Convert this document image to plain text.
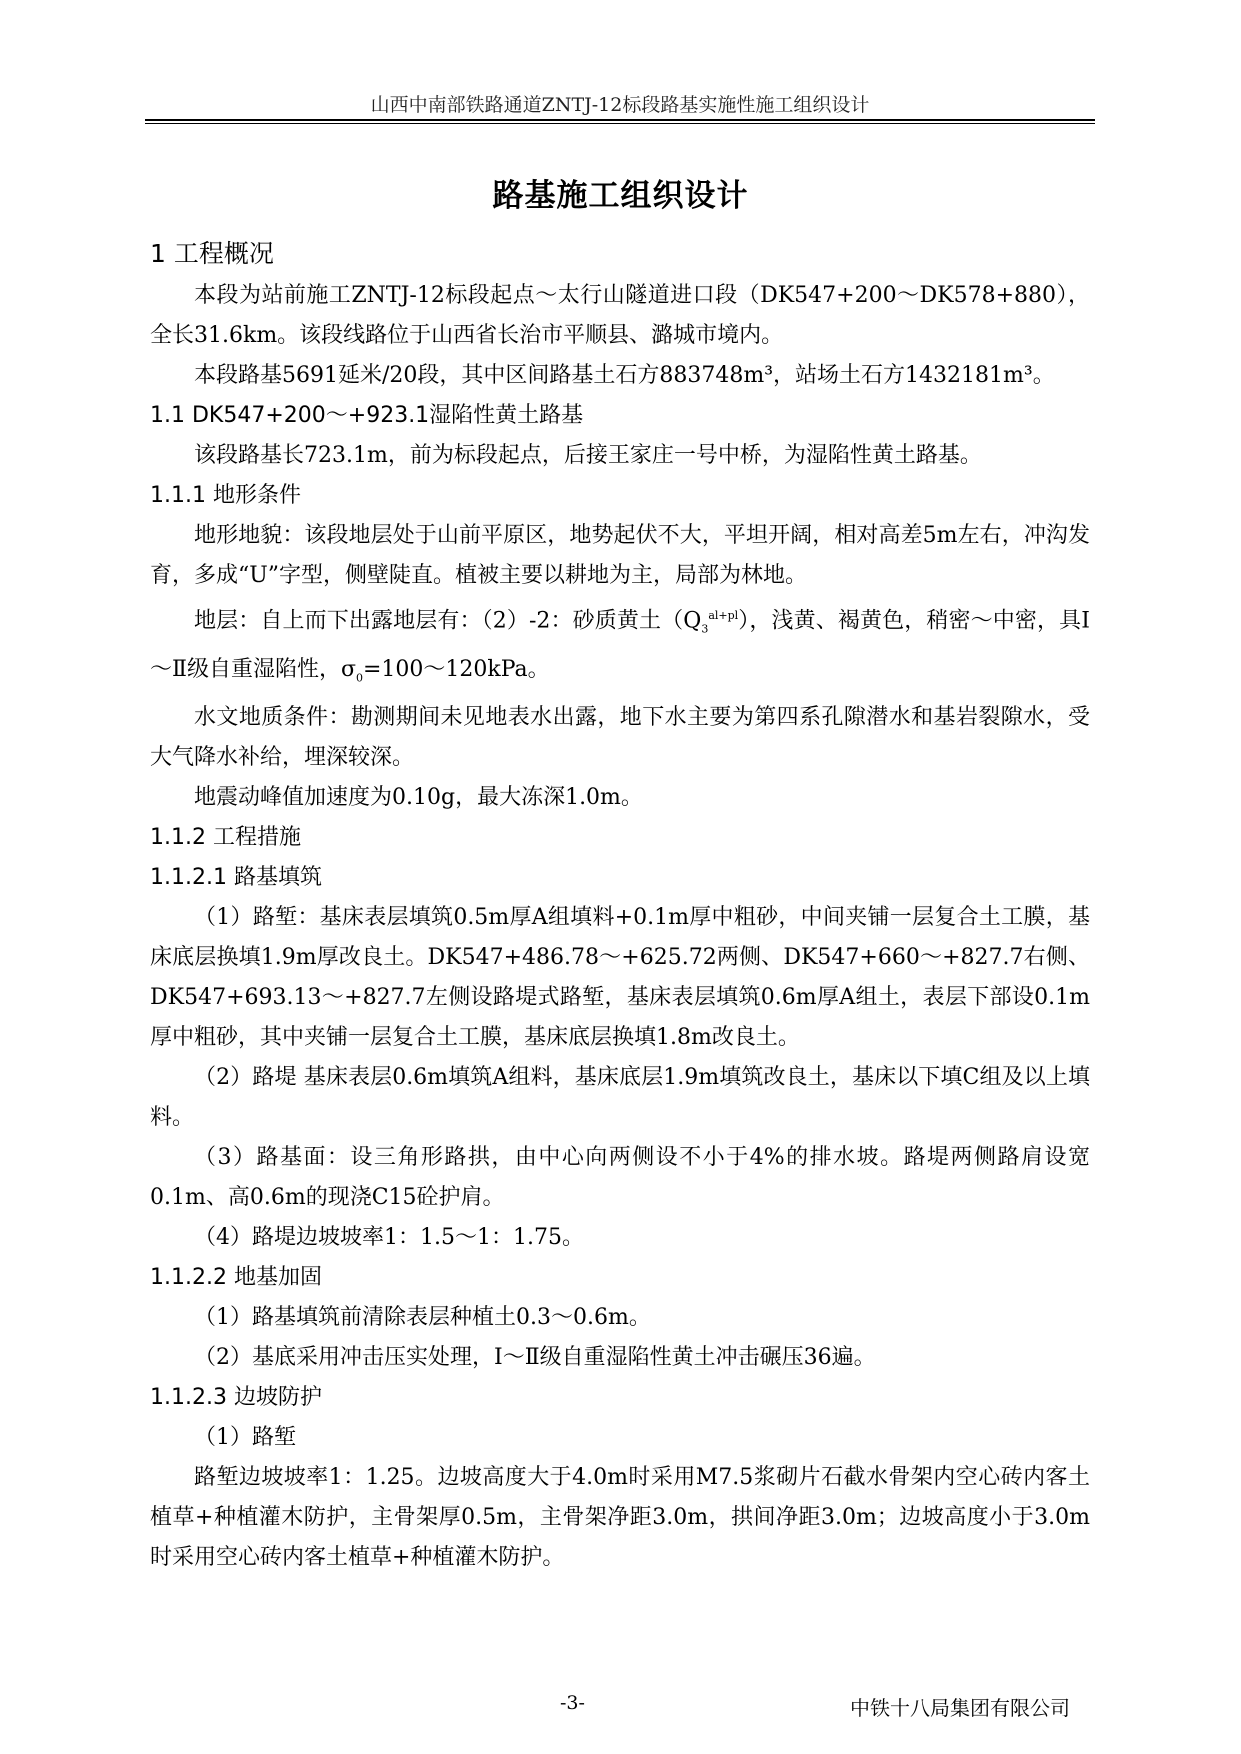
山西中南部铁路通道ZNTJ-12标段路基实施性施工组织设计
路基施工组织设计

1 工程概况

本段为站前施工ZNTJ-12标段起点～太行山隧道进口段（DK547+200～DK578+880），全长31.6km。该段线路位于山西省长治市平顺县、潞城市境内。

本段路基5691延米/20段，其中区间路基土石方883748m³，站场土石方1432181m³。

1.1 DK547+200～+923.1湿陷性黄土路基

该段路基长723.1m，前为标段起点，后接王家庄一号中桥，为湿陷性黄土路基。

1.1.1 地形条件

地形地貌：该段地层处于山前平原区，地势起伏不大，平坦开阔，相对高差5m左右，冲沟发育，多成“U”字型，侧壁陡直。植被主要以耕地为主，局部为林地。

地层：自上而下出露地层有：（2）-2：砂质黄土$(Q_3^{al+pl})$，浅黄、褐黄色，稍密～中密，具Ⅰ～Ⅱ级自重湿陷性，$\sigma_0=100\sim 120kPa$。

水文地质条件：勘测期间未见地表水出露，地下水主要为第四系孔隙潜水和基岩裂隙水，受大气降水补给，埋深较深。

地震动峰值加速度为0.10g，最大冻深1.0m。

1.1.2 工程措施

1.1.2.1 路基填筑

（1）路堑：基床表层填筑0.5m厚A组填料+0.1m厚中粗砂，中间夹铺一层复合土工膜，基床底层换填1.9m厚改良土。DK547+486.78～+625.72两侧、DK547+660～+827.7右侧、DK547+693.13～+827.7左侧设路堤式路堑，基床表层填筑0.6m厚A组土，表层下部设0.1m厚中粗砂，其中夹铺一层复合土工膜，基床底层换填1.8m改良土。

（2）路堤 基床表层0.6m填筑A组料，基床底层1.9m填筑改良土，基床以下填C组及以上填料。

（3）路基面：设三角形路拱，由中心向两侧设不小于4%的排水坡。路堤两侧路肩设宽0.1m、高0.6m的现浇C15砼护肩。

（4）路堤边坡坡率1：1.5～1：1.75。

1.1.2.2 地基加固

（1）路基填筑前清除表层种植土0.3～0.6m。

（2）基底采用冲击压实处理，Ⅰ～Ⅱ级自重湿陷性黄土冲击碾压36遍。

1.1.2.3 边坡防护

（1）路堑

路堑边坡坡率1：1.25。边坡高度大于4.0m时采用M7.5浆砌片石截水骨架内空心砖内客土植草+种植灌木防护，主骨架厚0.5m，主骨架净距3.0m，拱间净距3.0m；边坡高度小于3.0m时采用空心砖内客土植草+种植灌木防护。

-3-	中铁十八局集团有限公司
